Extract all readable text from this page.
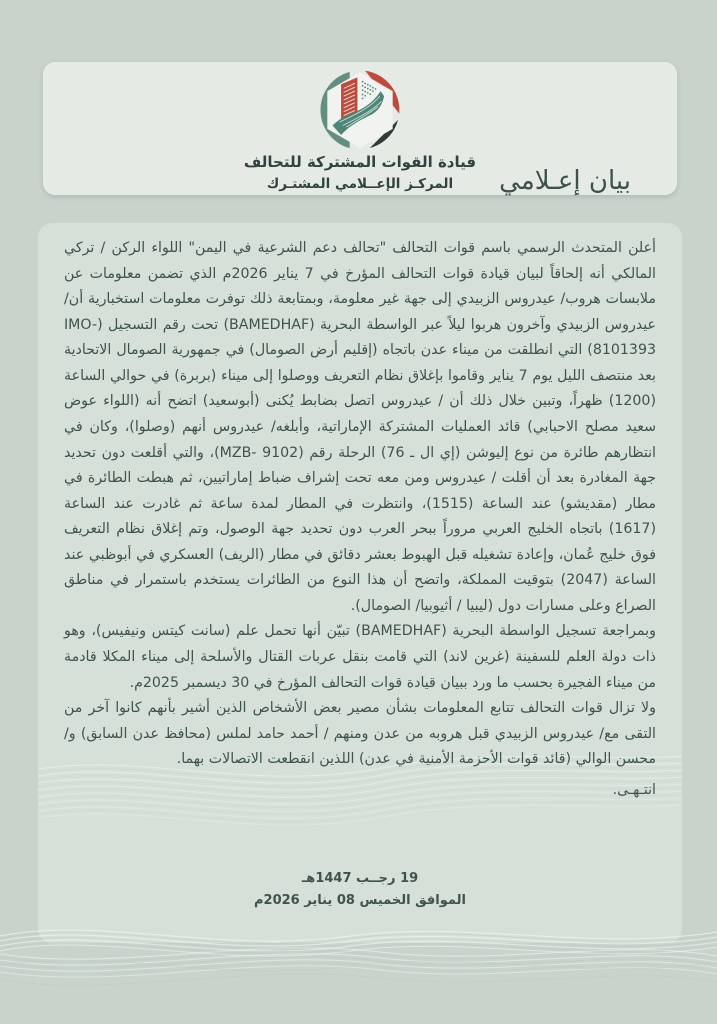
قيادة القوات المشتركة للتحالف
المركـز الإعــلامي المشتـرك	بيان إعـلامي

أعلن المتحدث الرسمي باسم قوات التحالف "تحالف دعم الشرعية في اليمن" اللواء الركن / تركي المالكي أنه إلحاقاً لبيان قيادة قوات التحالف المؤرخ في 7 يناير 2026م الذي تضمن معلومات عن ملابسات هروب/ عيدروس الزبيدي إلى جهة غير معلومة، وبمتابعة ذلك توفرت معلومات استخبارية أن/ عيدروس الزبيدي وآخرون هربوا ليلاً عبر الواسطة البحرية (BAMEDHAF) تحت رقم التسجيل (IMO- 8101393) التي انطلقت من ميناء عدن باتجاه (إقليم أرض الصومال) في جمهورية الصومال الاتحادية بعد منتصف الليل يوم 7 يناير وقاموا بإغلاق نظام التعريف ووصلوا إلى ميناء (بربرة) في حوالي الساعة (1200) ظهراً، وتبين خلال ذلك أن / عيدروس اتصل بضابط يُكنى (أبوسعيد) اتضح أنه (اللواء عوض سعيد مصلح الاحبابي) قائد العمليات المشتركة الإماراتية، وأبلغه/ عيدروس أنهم (وصلوا)، وكان في انتظارهم طائرة من نوع إليوشن (إي ال ـ 76) الرحلة رقم (MZB- 9102)، والتي أقلعت دون تحديد جهة المغادرة بعد أن أقلت / عيدروس ومن معه تحت إشراف ضباط إماراتيين، ثم هبطت الطائرة في مطار (مقديشو) عند الساعة (1515)، وانتظرت في المطار لمدة ساعة ثم غادرت عند الساعة (1617) باتجاه الخليج العربي مروراً ببحر العرب دون تحديد جهة الوصول، وتم إغلاق نظام التعريف فوق خليج عُمان، وإعادة تشغيله قبل الهبوط بعشر دقائق في مطار (الريف) العسكري في أبوظبي عند الساعة (2047) بتوقيت المملكة، واتضح أن هذا النوع من الطائرات يستخدم باستمرار في مناطق الصراع وعلى مسارات دول (ليبيا / أثيوبيا/ الصومال).

وبمراجعة تسجيل الواسطة البحرية (BAMEDHAF) تبيّن أنها تحمل علم (سانت كيتس ونيفيس)، وهو ذات دولة العلم للسفينة (غرين لاند) التي قامت بنقل عربات القتال والأسلحة إلى ميناء المكلا قادمة من ميناء الفجيرة بحسب ما ورد ببيان قيادة قوات التحالف المؤرخ في 30 ديسمبر 2025م.

ولا تزال قوات التحالف تتابع المعلومات بشأن مصير بعض الأشخاص الذين أشير بأنهم كانوا آخر من التقى مع/ عيدروس الزبيدي قبل هروبه من عدن ومنهم / أحمد حامد لملس (محافظ عدن السابق) و/ محسن الوالي (قائد قوات الأحزمة الأمنية في عدن) اللذين انقطعت الاتصالات بهما.

انتـهـى.

19 رجــب 1447هـ
الموافق الخميس 08 يناير 2026م
